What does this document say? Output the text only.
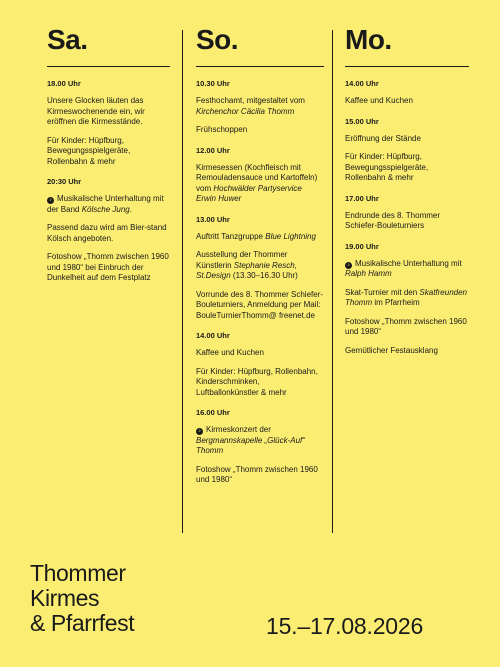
Sa.
18.00 Uhr
Unsere Glocken läuten das Kirmeswochenende ein, wir eröffnen die Kirmesstände.
Für Kinder: Hüpfburg, Bewegungsspielgeräte, Rollenbahn & mehr
20:30 Uhr
♪Musikalische Unterhaltung mit der Band Kölsche Jung.
Passend dazu wird am Bier-stand Kölsch angeboten.
Fotoshow „Thomm zwischen 1960 und 1980“ bei Einbruch der Dunkelheit auf dem Festplatz
So.
10.30 Uhr
Festhochamt, mitgestaltet vom Kirchenchor Cäcilia Thomm
Frühschoppen
12.00 Uhr
Kirmesessen (Kochfleisch mit Remouladensauce und Kartoffeln) vom Hochwälder Partyservice Erwin Huwer
13.00 Uhr
Auftritt Tanzgruppe Blue Lightning
Ausstellung der Thommer Künstlerin Stephanie Resch, St.Design (13.30–16.30 Uhr)
Vorrunde des 8. Thommer Schiefer-Bouleturniers, Anmeldung per Mail: BouleTurnierThomm@ freenet.de
14.00 Uhr
Kaffee und Kuchen
Für Kinder: Hüpfburg, Rollenbahn, Kinderschminken, Luftballonkünstler & mehr
16.00 Uhr
♪Kirmeskonzert der Bergmannskapelle „Glück-Auf“ Thomm
Fotoshow „Thomm zwischen 1960 und 1980“
Mo.
14.00 Uhr
Kaffee und Kuchen
15.00 Uhr
Eröffnung der Stände
Für Kinder: Hüpfburg, Bewegungsspielgeräte, Rollenbahn & mehr
17.00 Uhr
Endrunde des 8. Thommer Schiefer-Bouleturniers
19.00 Uhr
♪Musikalische Unterhaltung mit Ralph Hamm
Skat-Turnier mit den Skatfreunden Thomm im Pfarrheim
Fotoshow „Thomm zwischen 1960 und 1980“
Gemütlicher Festausklang
Thommer
Kirmes
& Pfarrfest	15.–17.08.2026
